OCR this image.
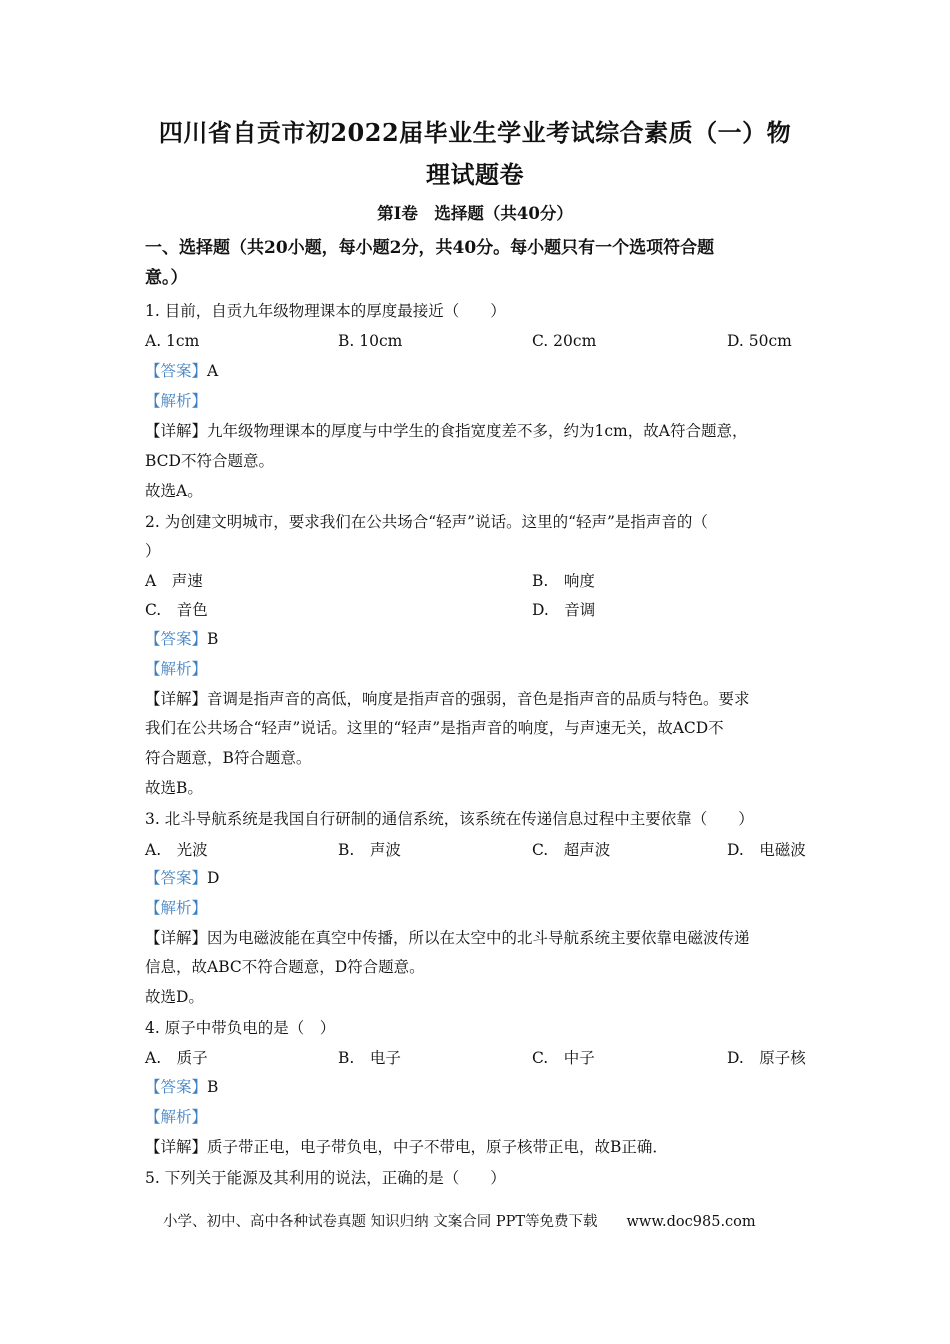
四川省自贡市初2022届毕业生学业考试综合素质（一）物
理试题卷
第Ⅰ卷　选择题（共40分）
一、选择题（共20小题，每小题2分，共40分。每小题只有一个选项符合题
意。）
1. 目前，自贡九年级物理课本的厚度最接近（　　）
A. 1cm	B. 10cm	C. 20cm	D. 50cm
【答案】A
【解析】
【详解】九年级物理课本的厚度与中学生的食指宽度差不多，约为1cm，故A符合题意，
BCD不符合题意。
故选A。
2. 为创建文明城市，要求我们在公共场合“轻声”说话。这里的“轻声”是指声音的（
）
A　声速	B.　响度
C.　音色	D.　音调
【答案】B
【解析】
【详解】音调是指声音的高低，响度是指声音的强弱，音色是指声音的品质与特色。要求
我们在公共场合“轻声”说话。这里的“轻声”是指声音的响度，与声速无关，故ACD不
符合题意，B符合题意。
故选B。
3. 北斗导航系统是我国自行研制的通信系统，该系统在传递信息过程中主要依靠（　　）
A.　光波	B.　声波	C.　超声波	D.　电磁波
【答案】D
【解析】
【详解】因为电磁波能在真空中传播，所以在太空中的北斗导航系统主要依靠电磁波传递
信息，故ABC不符合题意，D符合题意。
故选D。
4. 原子中带负电的是（　）
A.　质子	B.　电子	C.　中子	D.　原子核
【答案】B
【解析】
【详解】质子带正电，电子带负电，中子不带电，原子核带正电，故B正确．
5. 下列关于能源及其利用的说法，正确的是（　　）
小学、初中、高中各种试卷真题 知识归纳 文案合同 PPT等免费下载　　www.doc985.com
